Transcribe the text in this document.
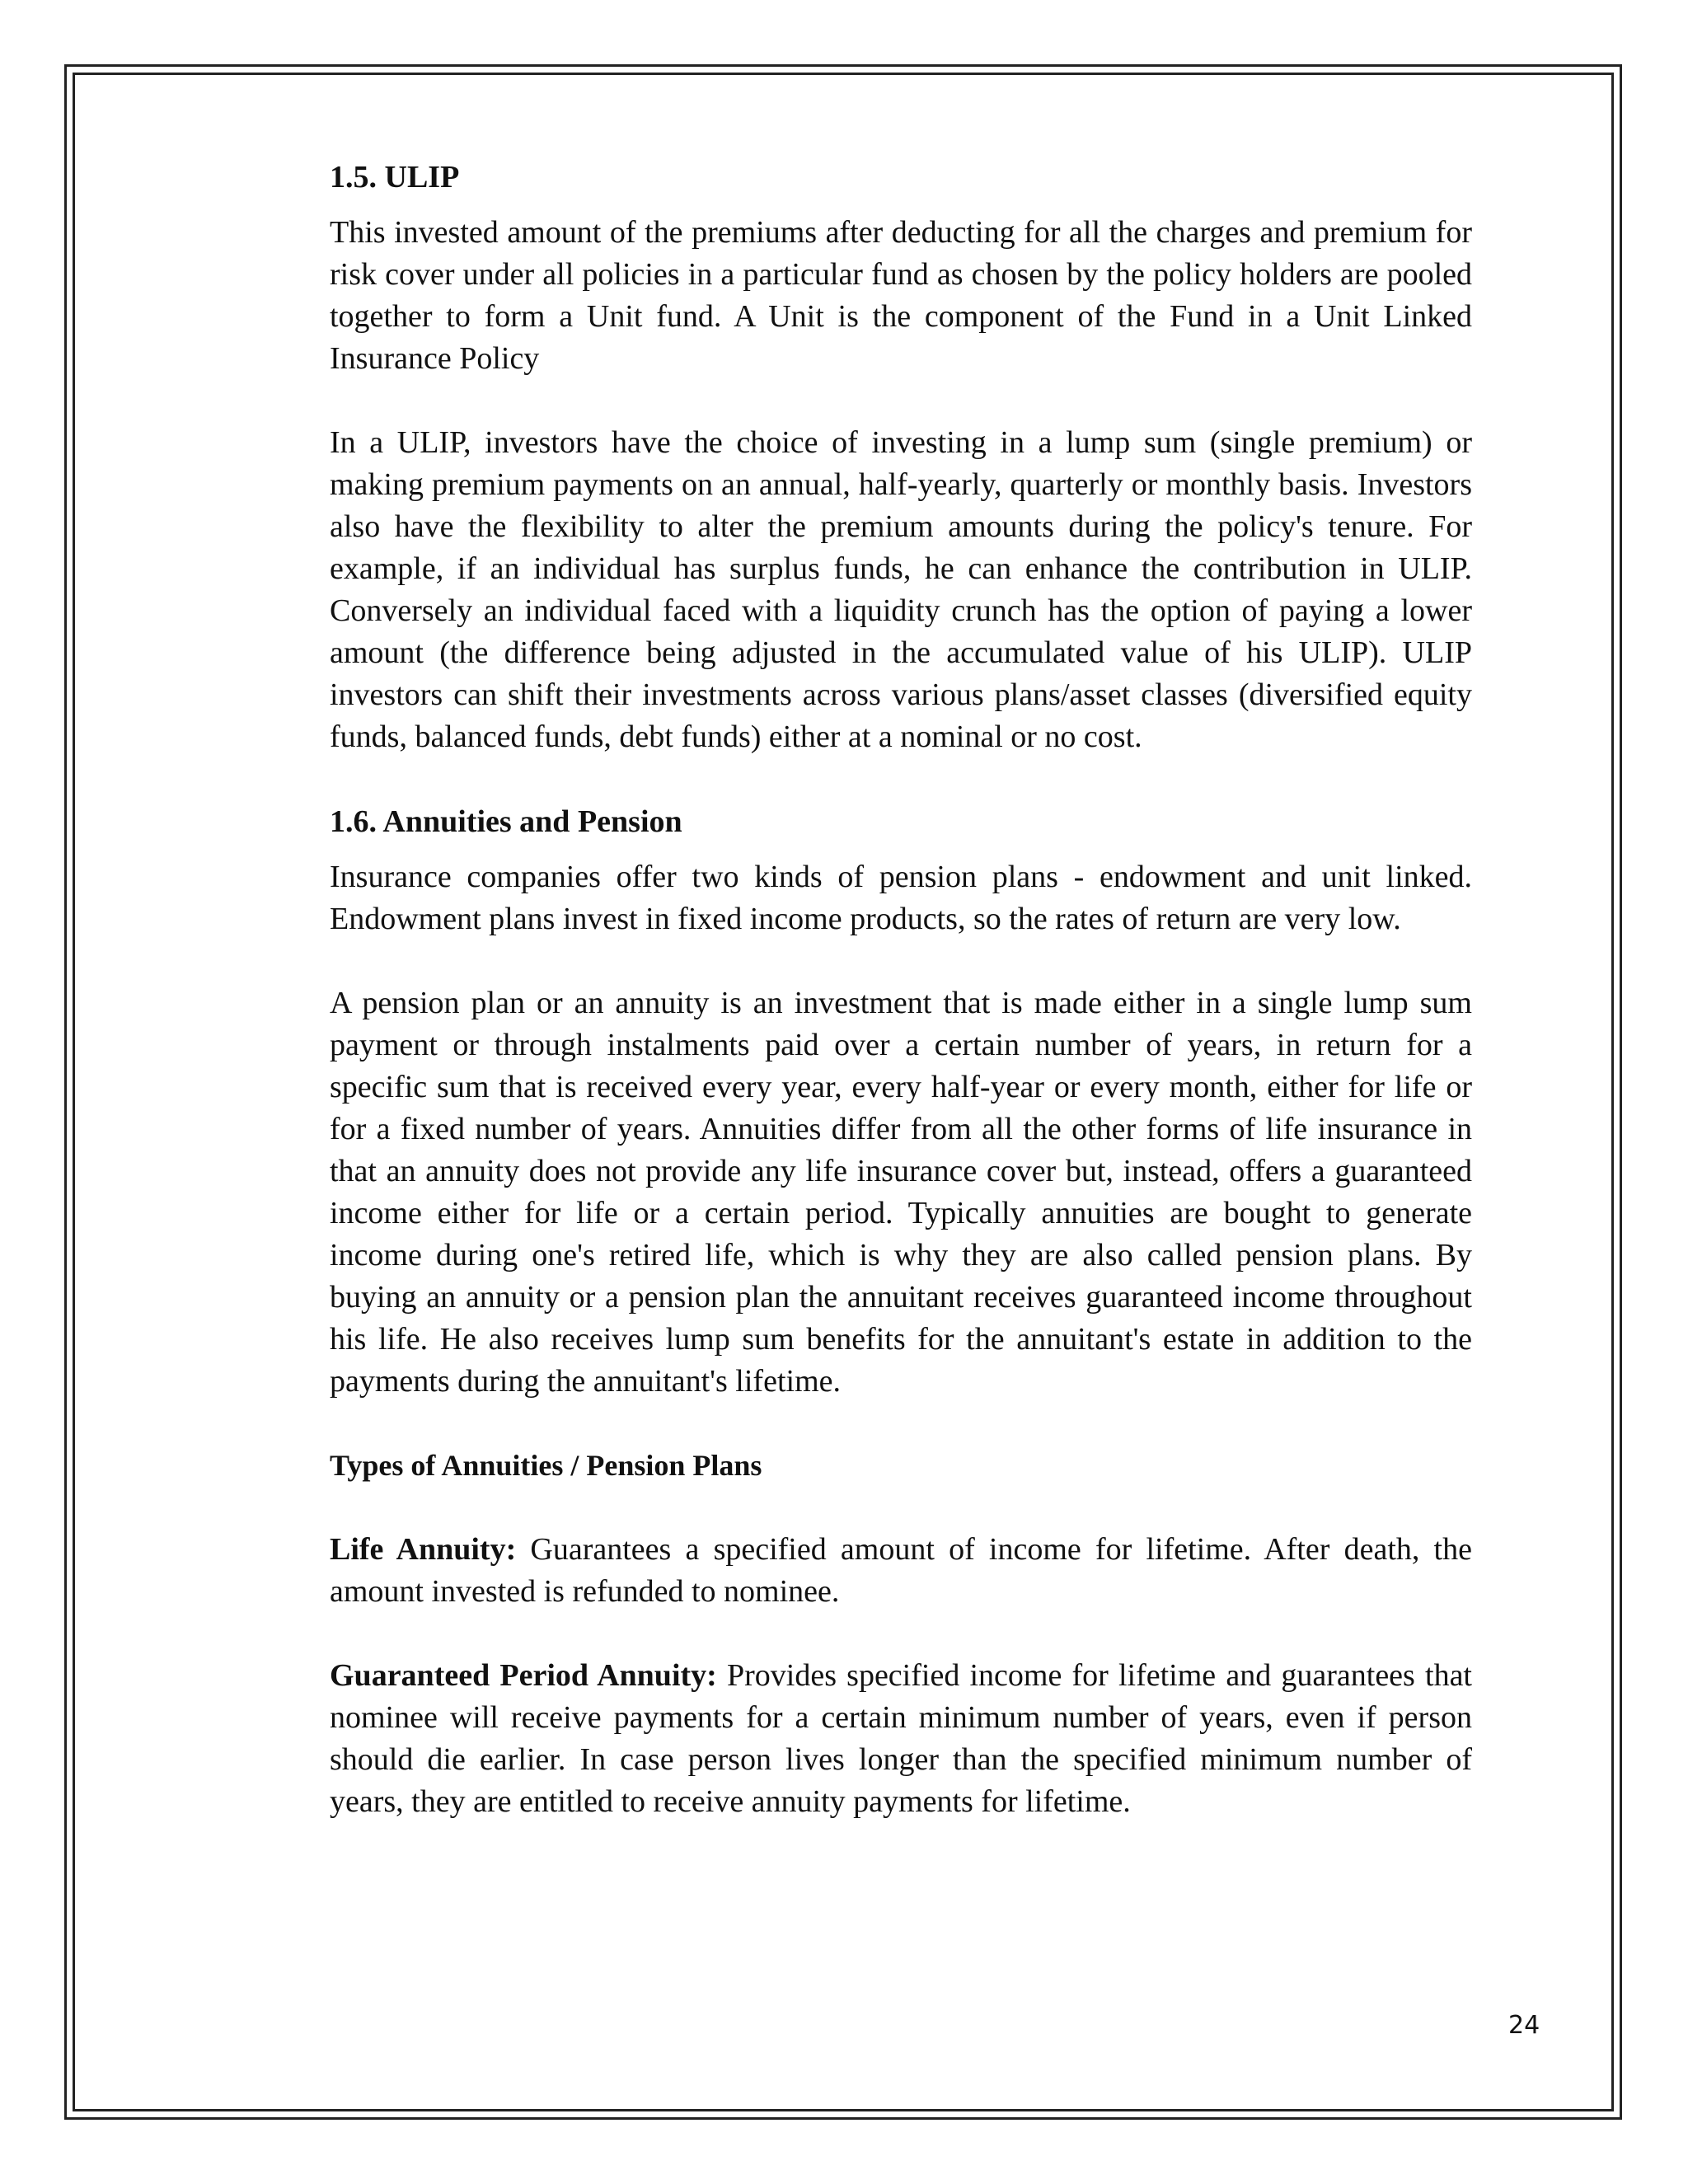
1.5. ULIP

This invested amount of the premiums after deducting for all the charges and premium for risk cover under all policies in a particular fund as chosen by the policy holders are pooled together to form a Unit fund. A Unit is the component of the Fund in a Unit Linked Insurance Policy

In a ULIP, investors have the choice of investing in a lump sum (single premium) or making premium payments on an annual, half-yearly, quarterly or monthly basis. Investors also have the flexibility to alter the premium amounts during the policy's tenure. For example, if an individual has surplus funds, he can enhance the contribution in ULIP. Conversely an individual faced with a liquidity crunch has the option of paying a lower amount (the difference being adjusted in the accumulated value of his ULIP). ULIP investors can shift their investments across various plans/asset classes (diversified equity funds, balanced funds, debt funds) either at a nominal or no cost.

1.6. Annuities and Pension

Insurance companies offer two kinds of pension plans - endowment and unit linked. Endowment plans invest in fixed income products, so the rates of return are very low.

A pension plan or an annuity is an investment that is made either in a single lump sum payment or through instalments paid over a certain number of years, in return for a specific sum that is received every year, every half-year or every month, either for life or for a fixed number of years. Annuities differ from all the other forms of life insurance in that an annuity does not provide any life insurance cover but, instead, offers a guaranteed income either for life or a certain period. Typically annuities are bought to generate income during one's retired life, which is why they are also called pension plans. By buying an annuity or a pension plan the annuitant receives guaranteed income throughout his life. He also receives lump sum benefits for the annuitant's estate in addition to the payments during the annuitant's lifetime.

Types of Annuities / Pension Plans

Life Annuity: Guarantees a specified amount of income for lifetime. After death, the amount invested is refunded to nominee.

Guaranteed Period Annuity: Provides specified income for lifetime and guarantees that nominee will receive payments for a certain minimum number of years, even if person should die earlier. In case person lives longer than the specified minimum number of years, they are entitled to receive annuity payments for lifetime.

24
